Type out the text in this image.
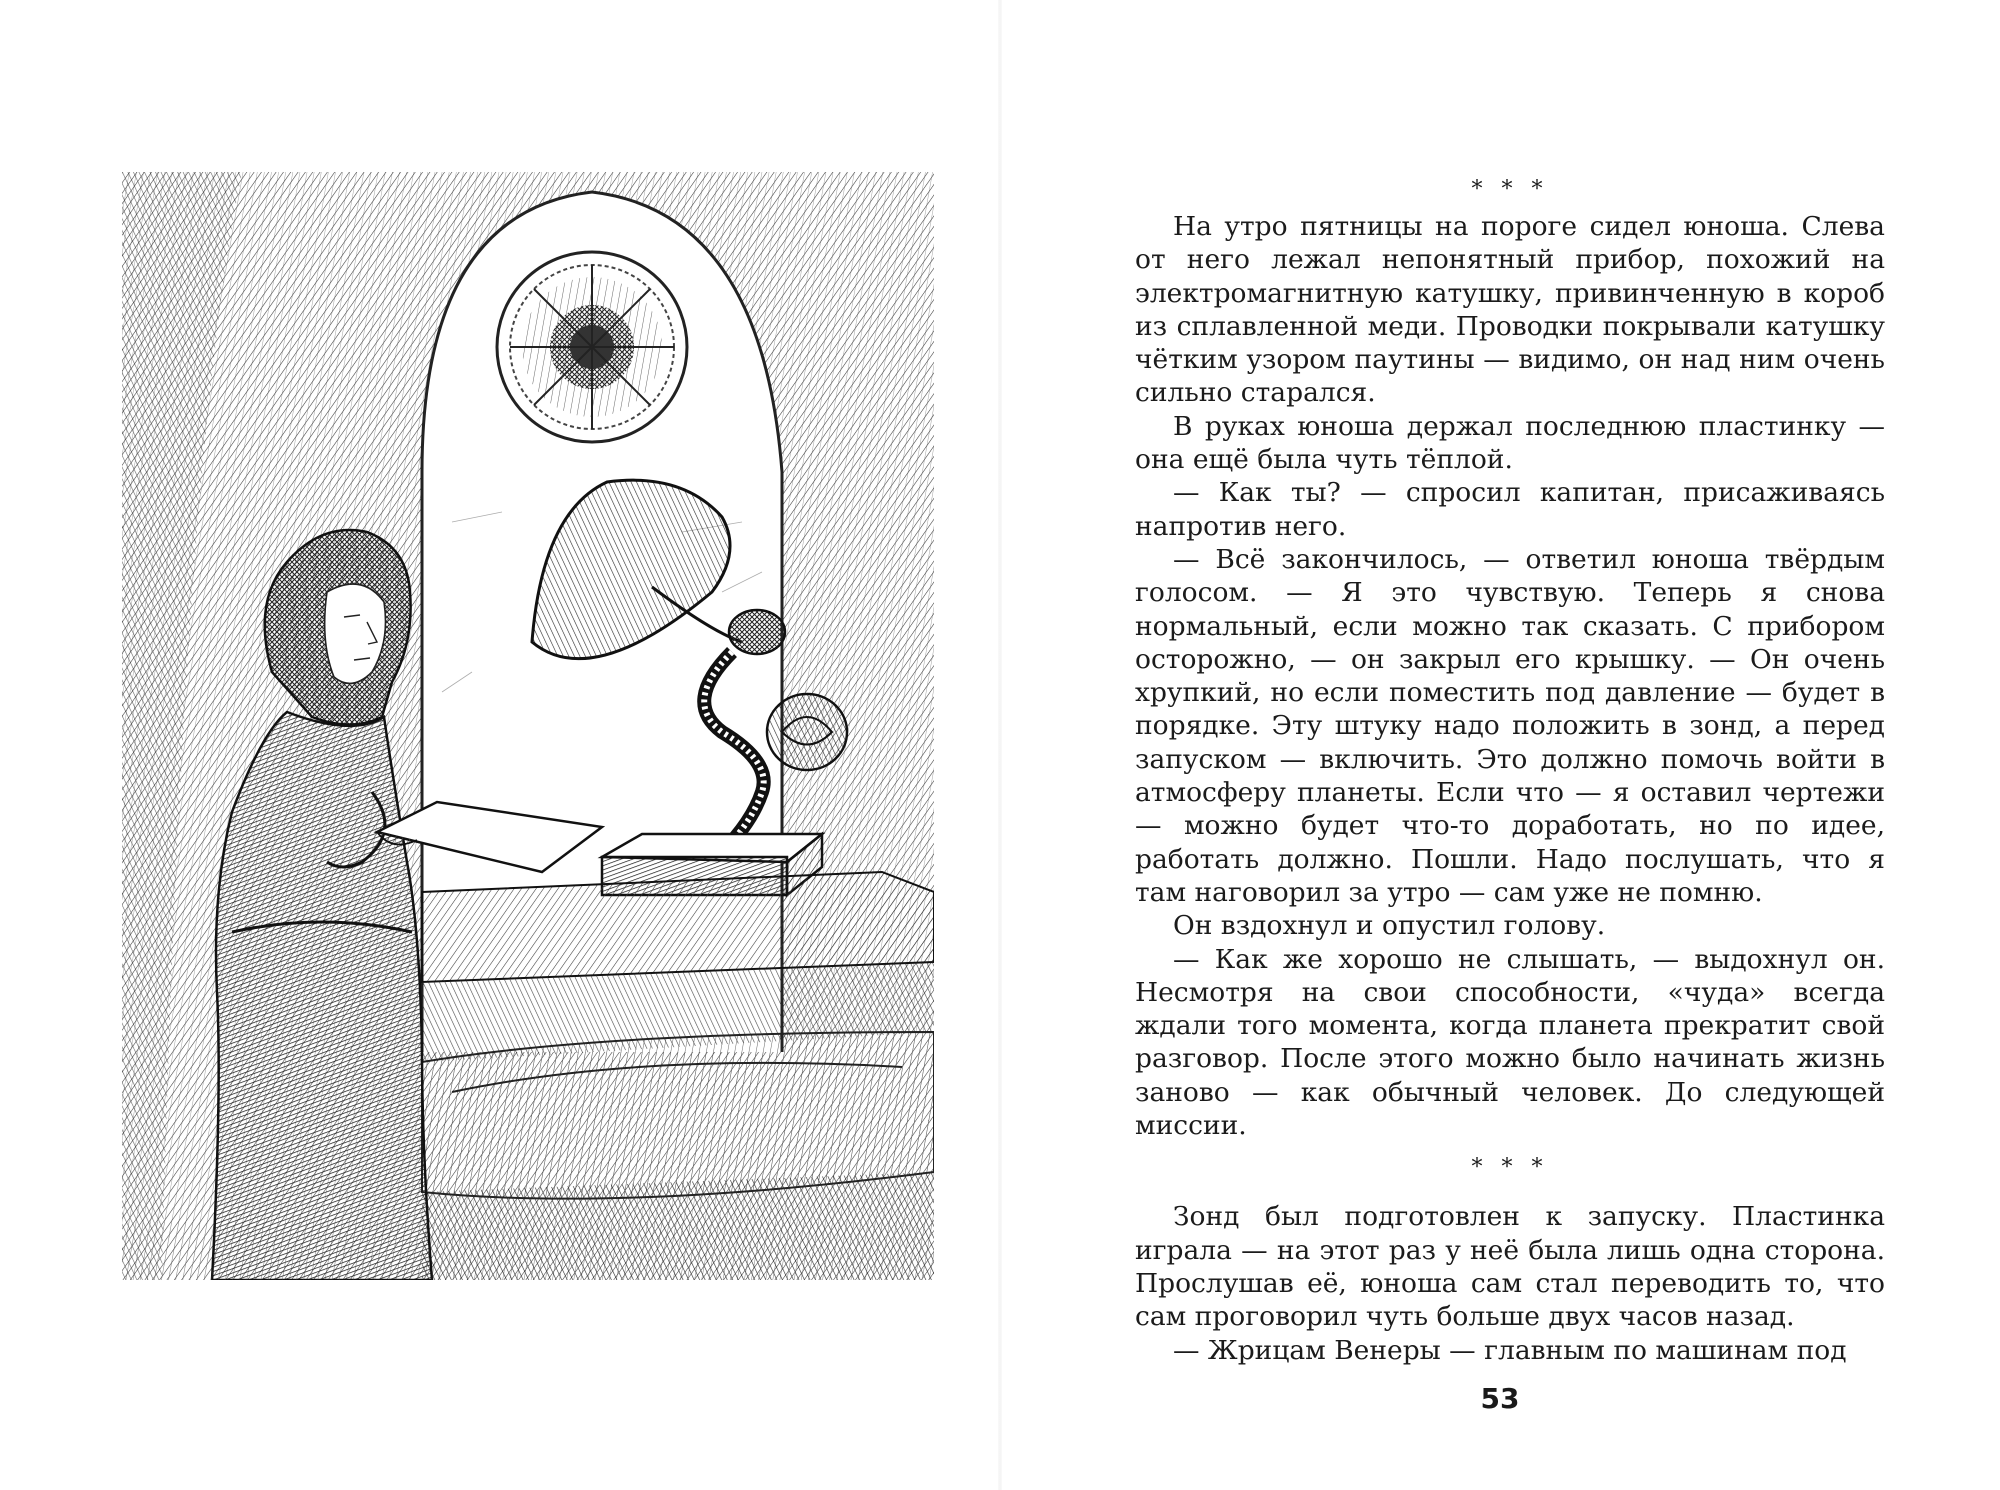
* * *

На утро пятницы на пороге сидел юноша. Слева от него лежал непонятный прибор, похожий на электромагнитную катушку, привинченную в короб из сплавленной меди. Проводки покрывали катушку чётким узором паутины — видимо, он над ним очень сильно старался.

В руках юноша держал последнюю пластинку — она ещё была чуть тёплой.

— Как ты? — спросил капитан, присаживаясь напротив него.

— Всё закончилось, — ответил юноша твёрдым голосом. — Я это чувствую. Теперь я снова нормальный, если можно так сказать. С прибором осторожно, — он закрыл его крышку. — Он очень хрупкий, но если поместить под давление — будет в порядке. Эту штуку надо положить в зонд, а перед запуском — включить. Это должно помочь войти в атмосферу планеты. Если что — я оставил чертежи — можно будет что-то доработать, но по идее, работать должно. Пошли. Надо послушать, что я там наговорил за утро — сам уже не помню.

Он вздохнул и опустил голову.

— Как же хорошо не слышать, — выдохнул он. Несмотря на свои способности, «чуда» всегда ждали того момента, когда планета прекратит свой разговор. После этого можно было начинать жизнь заново — как обычный человек. До следующей миссии.

* * *

Зонд был подготовлен к запуску. Пластинка играла — на этот раз у неё была лишь одна сторона. Прослушав её, юноша сам стал переводить то, что сам проговорил чуть больше двух часов назад.

— Жрицам Венеры — главным по машинам под

53
